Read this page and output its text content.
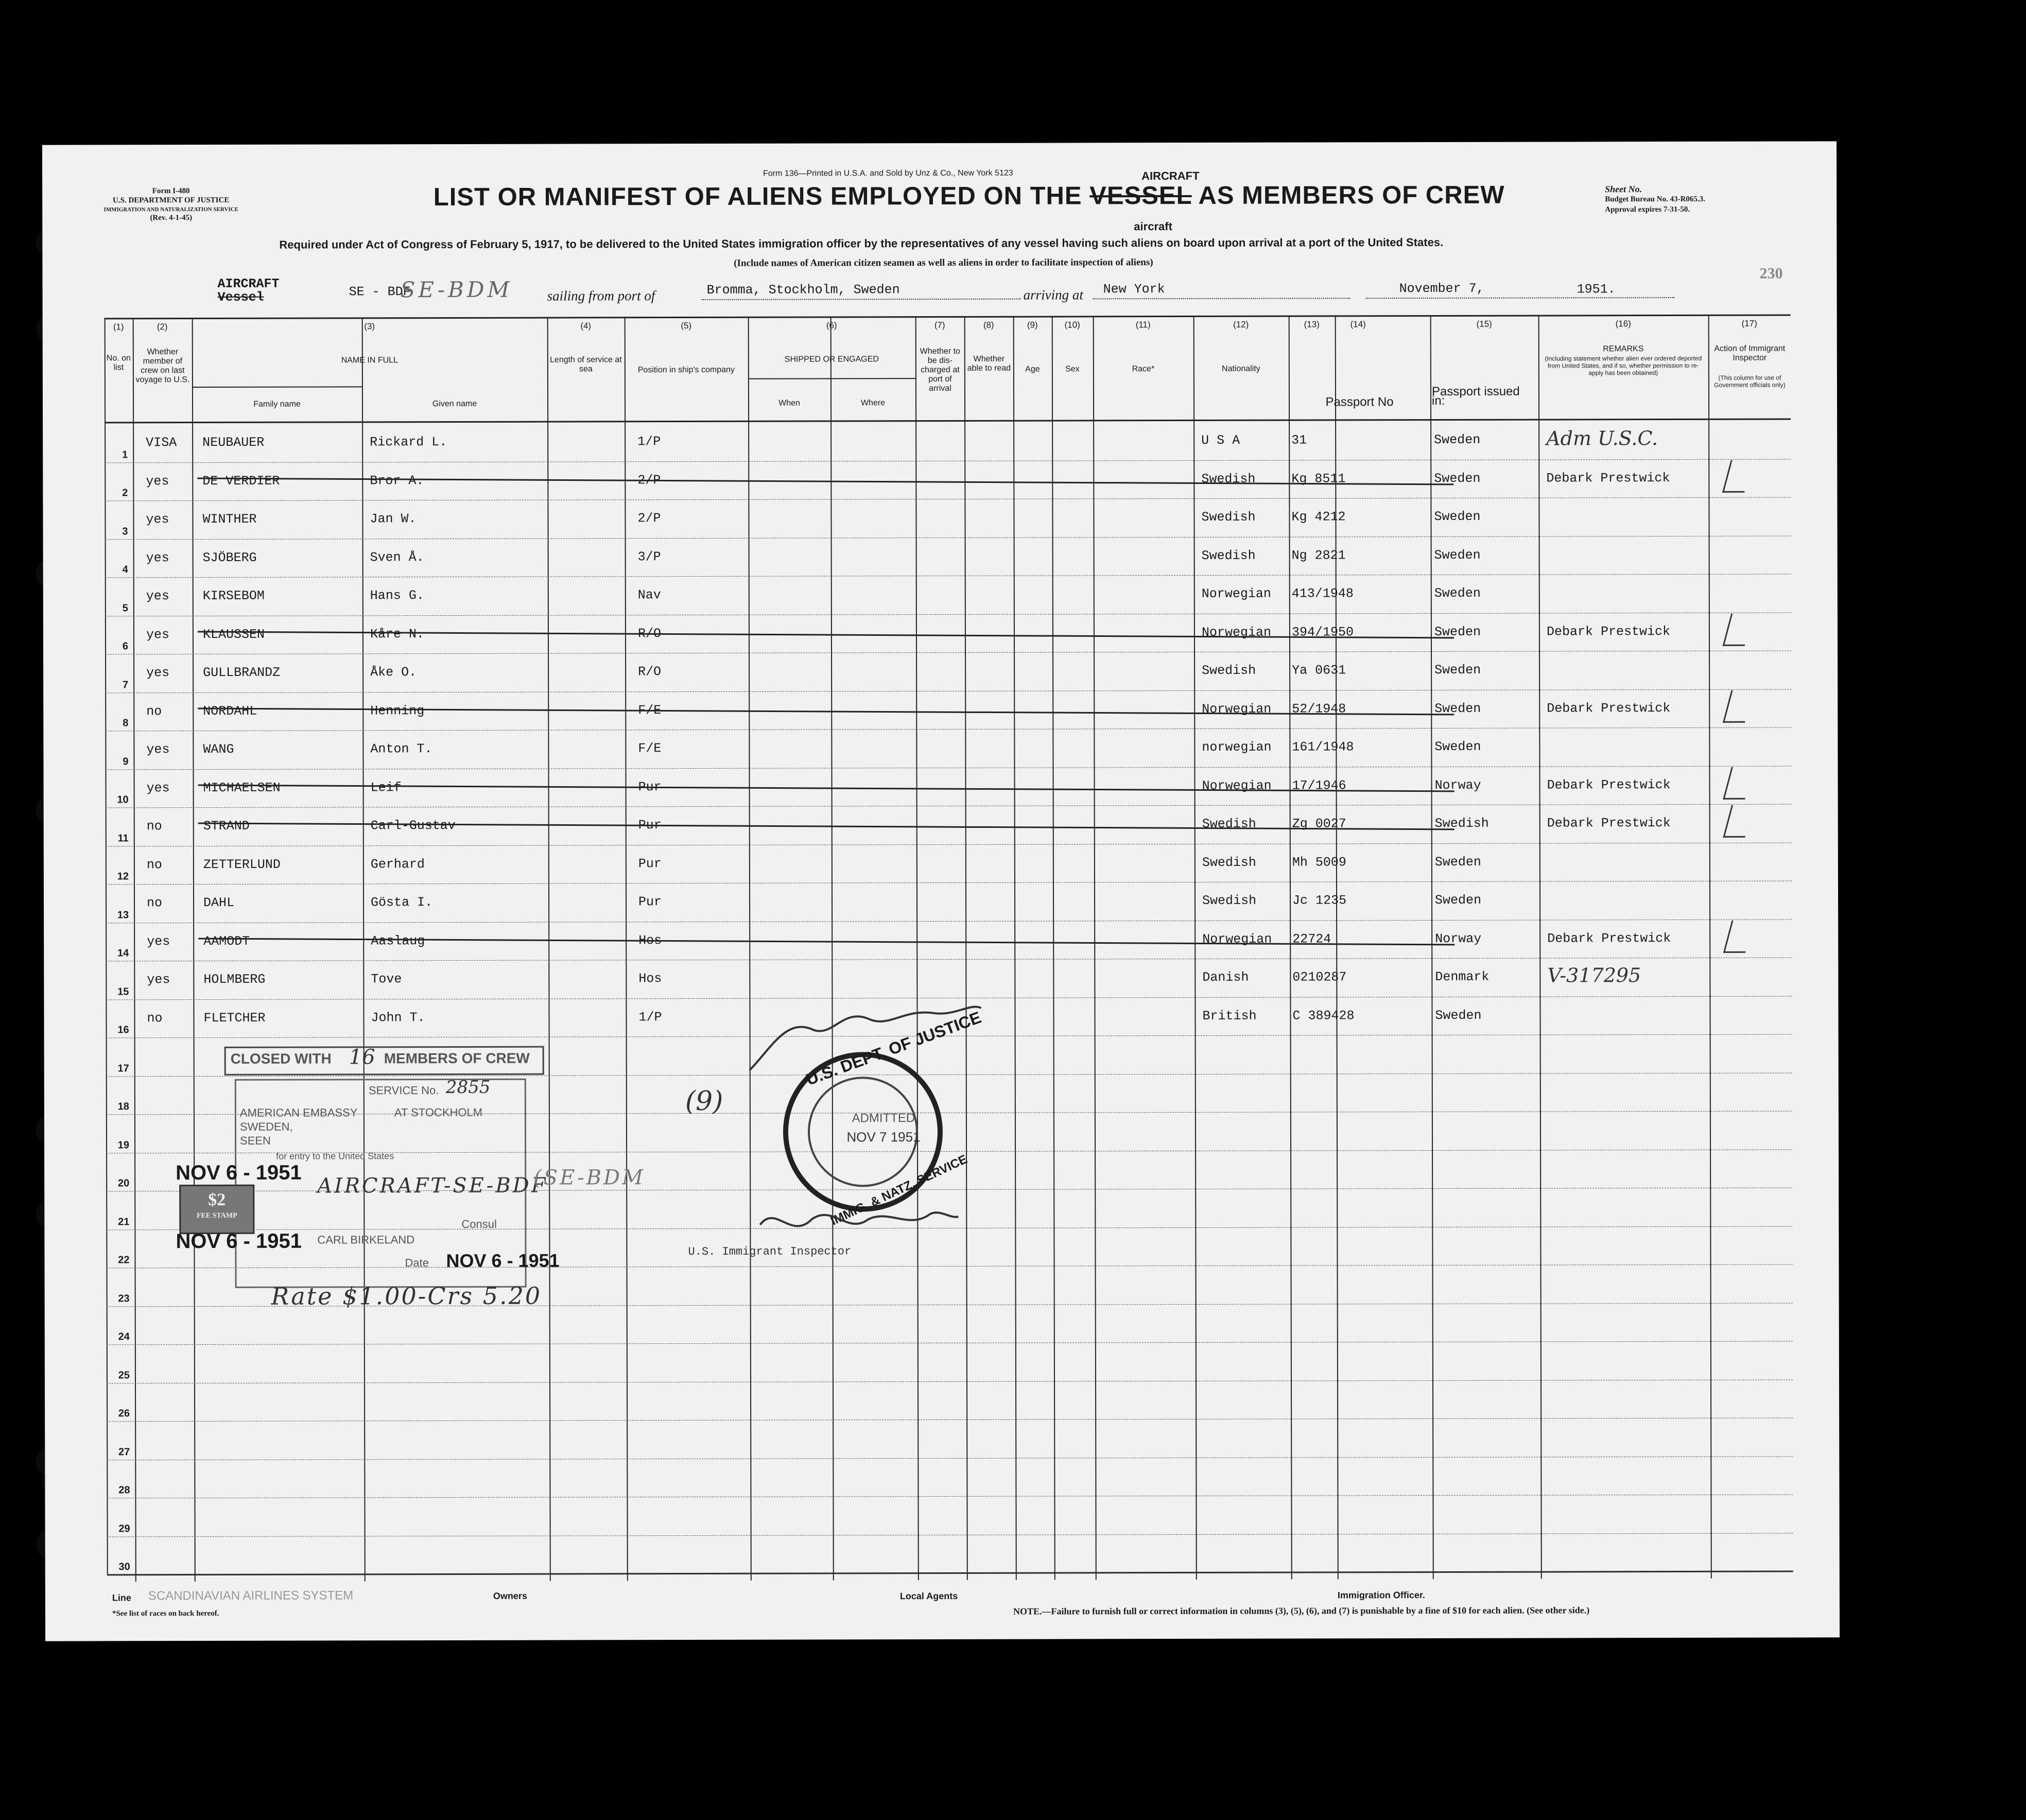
Form I-480
U.S. DEPARTMENT OF JUSTICE
IMMIGRATION AND NATURALIZATION SERVICE
(Rev. 4-1-45)
Form 136—Printed in U.S.A. and Sold by Unz & Co., New York 5123	AIRCRAFT
LIST OR MANIFEST OF ALIENS EMPLOYED ON THE VESSEL AS MEMBERS OF CREW
aircraft
Sheet No.
Budget Bureau No. 43-R065.3.
Approval expires 7-31-50.
Required under Act of Congress of February 5, 1917, to be delivered to the United States immigration officer by the representatives of any vessel having such aliens on board upon arrival at a port of the United States.
(Include names of American citizen seamen as well as aliens in order to facilitate inspection of aliens)
AIRCRAFT
Vessel	SE - BDF
SE-BDM sailing from port of	Bromma, Stockholm, Sweden	arriving at New York	November 7,	1951.
230
(1)	(2)	(3)	(4)	(5)	(6)	(7)	(8)	(9)	(10)	(11)	(12)	(13)	(14)	(15)	(16)	(17)
No. on list
Whether member of crew on last voyage to U.S.
NAME IN FULL
Family name	Given name
Length of service at sea	Position in ship's company
SHIPPED OR ENGAGED
When	Where
Whether to be dis-charged at port of arrival
Whether able to read	Age	Sex	Race*	Nationality
Passport No
Passport issued in:
REMARKS
(Including statement whether alien ever ordered deported from United States, and if so, whether permission to re-apply has been obtained)
Action of Immigrant Inspector
(This column for use of Government officials only)
1
VISA NEUBAUER	Rickard L.	1/P	U S A	31	Sweden	Adm U.S.C.
2
yes	DE VERDIER	Bror A.	2/P	Swedish	Kg 8511	Sweden	Debark Prestwick
3
yes	WINTHER	Jan W.	2/P	Swedish	Kg 4212	Sweden
4
yes	SJÖBERG	Sven Å.	3/P	Swedish	Ng 2821	Sweden
5
yes	KIRSEBOM	Hans G.	Nav	Norwegian 413/1948	Sweden
6
yes	KLAUSSEN	Kåre N.	R/O	Norwegian 394/1950	Sweden	Debark Prestwick
7
yes	GULLBRANDZ	Åke O.	R/O	Swedish	Ya 0631	Sweden
8
no	NORDAHL	Henning	F/E	Norwegian 52/1948	Sweden	Debark Prestwick
9
yes	WANG	Anton T.	F/E	norwegian 161/1948	Sweden
10
yes	MICHAELSEN	Leif	Pur	Norwegian 17/1946	Norway	Debark Prestwick
11
no	STRAND	Carl-Gustav	Pur	Swedish	Zg 0027	Swedish	Debark Prestwick
12
no	ZETTERLUND	Gerhard	Pur	Swedish	Mh 5009	Sweden
13
no	DAHL	Gösta I.	Pur	Swedish	Jc 1235	Sweden
14
yes	AAMODT	Aaslaug	Hos	Norwegian 22724	Norway	Debark Prestwick
15
yes	HOLMBERG	Tove	Hos	Danish	0210287	Denmark	V-317295
16
no	FLETCHER	John T.	1/P	British	C 389428	Sweden
17
18
19
20
21
22
23
24
25
26
27
28
29
30
CLOSED WITH 16 MEMBERS OF CREW
SERVICE No. 2855
AMERICAN EMBASSY	AT STOCKHOLM
SWEDEN,
SEEN
for entry to the United States
NOV 6 - 1951
$2
FEE STAMP
AIRCRAFT-SE-BDF
(SE-BDM
NOV 6 - 1951 CARL BIRKELAND
Consul
Date NOV 6 - 1951
Rate $1.00-Crs 5.20
U.S. DEPT. OF JUSTICE
IMMIG. & NATZ. SERVICE
ADMITTED
NOV 7 1951
(9)
U.S. Immigrant Inspector
Line SCANDINAVIAN AIRLINES SYSTEM	Owners	Local Agents	Immigration Officer.
*See list of races on back hereof.	NOTE.—Failure to furnish full or correct information in columns (3), (5), (6), and (7) is punishable by a fine of $10 for each alien. (See other side.)
